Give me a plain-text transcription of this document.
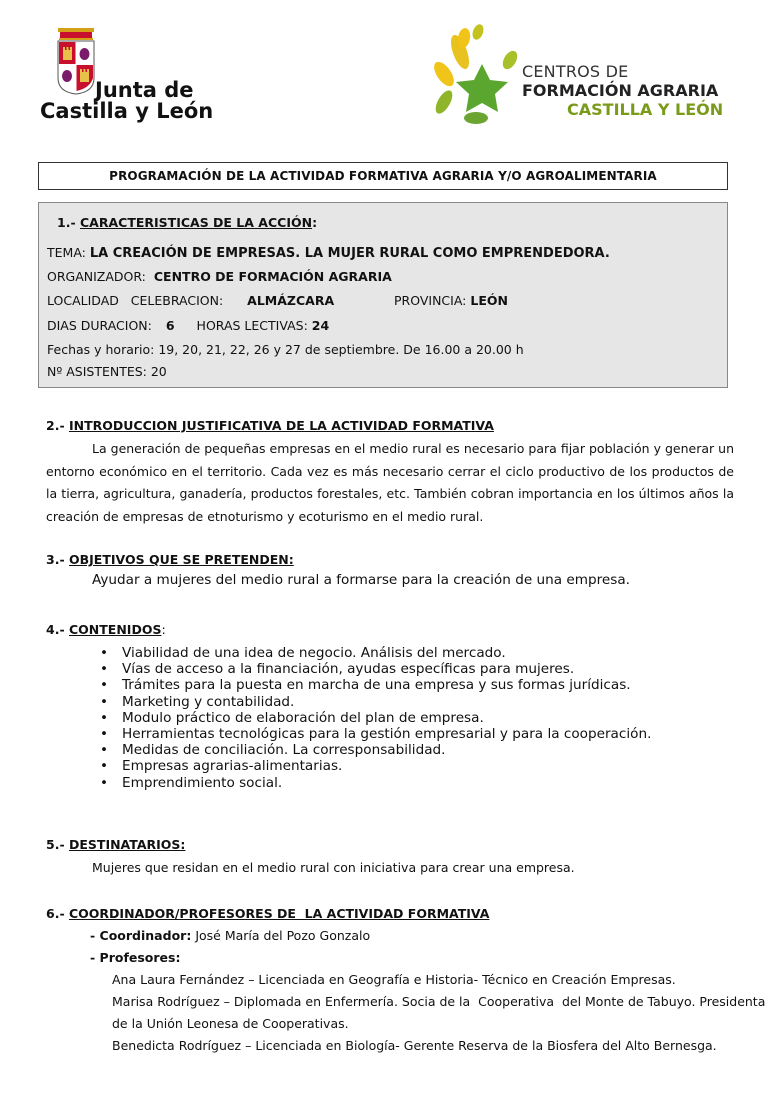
Junta de
Castilla y León
CENTROS DE
FORMACIÓN AGRARIA
CASTILLA Y LEÓN
PROGRAMACIÓN DE LA ACTIVIDAD FORMATIVA AGRARIA Y/O AGROALIMENTARIA
1.- CARACTERISTICAS DE LA ACCIÓN:
TEMA: LA CREACIÓN DE EMPRESAS. LA MUJER RURAL COMO EMPRENDEDORA.
ORGANIZADOR: CENTRO DE FORMACIÓN AGRARIA
LOCALIDAD   CELEBRACION: ALMÁZCARA	PROVINCIA: LEÓN
DIAS DURACION: 6 HORAS LECTIVAS: 24
Fechas y horario: 19, 20, 21, 22, 26 y 27 de septiembre. De 16.00 a 20.00 h
Nº ASISTENTES: 20
2.- INTRODUCCION JUSTIFICATIVA DE LA ACTIVIDAD FORMATIVA
La generación de pequeñas empresas en el medio rural es necesario para fijar población y generar un entorno económico en el territorio. Cada vez es más necesario cerrar el ciclo productivo de los productos de la tierra, agricultura, ganadería, productos forestales, etc. También cobran importancia en los últimos años la creación de empresas de etnoturismo y ecoturismo en el medio rural.
3.- OBJETIVOS QUE SE PRETENDEN:
Ayudar a mujeres del medio rural a formarse para la creación de una empresa.
4.- CONTENIDOS:
• Viabilidad de una idea de negocio. Análisis del mercado.
• Vías de acceso a la financiación, ayudas específicas para mujeres.
• Trámites para la puesta en marcha de una empresa y sus formas jurídicas.
• Marketing y contabilidad.
• Modulo práctico de elaboración del plan de empresa.
• Herramientas tecnológicas para la gestión empresarial y para la cooperación.
• Medidas de conciliación. La corresponsabilidad.
• Empresas agrarias-alimentarias.
• Emprendimiento social.
5.- DESTINATARIOS:
Mujeres que residan en el medio rural con iniciativa para crear una empresa.
6.- COORDINADOR/PROFESORES DE  LA ACTIVIDAD FORMATIVA
- Coordinador: José María del Pozo Gonzalo
- Profesores:
Ana Laura Fernández – Licenciada en Geografía e Historia- Técnico en Creación Empresas.
Marisa Rodríguez – Diplomada en Enfermería. Socia de la  Cooperativa  del Monte de Tabuyo. Presidenta
de la Unión Leonesa de Cooperativas.
Benedicta Rodríguez – Licenciada en Biología- Gerente Reserva de la Biosfera del Alto Bernesga.
